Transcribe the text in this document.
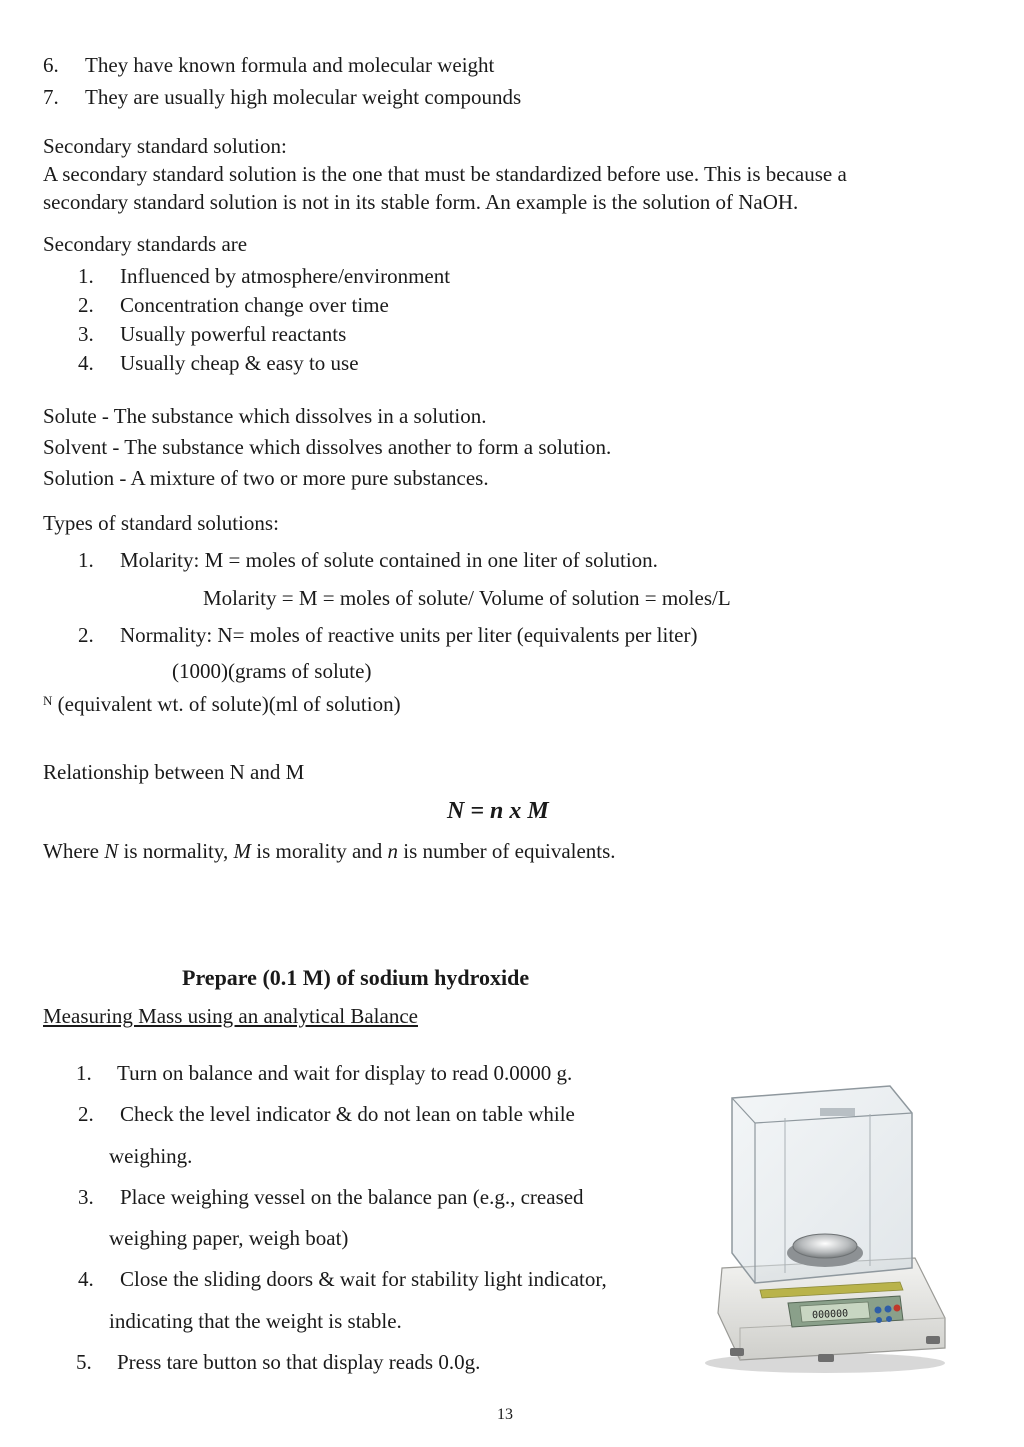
6. They have known formula and molecular weight
7. They are usually high molecular weight compounds
Secondary standard solution:
A secondary standard solution is the one that must be standardized before use. This is because a
secondary standard solution is not in its stable form. An example is the solution of NaOH.
Secondary standards are
1. Influenced by atmosphere/environment
2. Concentration change over time
3. Usually powerful reactants
4. Usually cheap & easy to use
Solute - The substance which dissolves in a solution.
Solvent - The substance which dissolves another to form a solution.
Solution - A mixture of two or more pure substances.
Types of standard solutions:
1. Molarity: M = moles of solute contained in one liter of solution.
Molarity = M = moles of solute/ Volume of solution = moles/L
2. Normality: N= moles of reactive units per liter (equivalents per liter)
(1000)(grams of solute)
$^N$ (equivalent wt. of solute)(ml of solution)
Relationship between N and M
N = n x M
Where N is normality, M is morality and n is number of equivalents.
Prepare (0.1 M) of sodium hydroxide
Measuring Mass using an analytical Balance
1. Turn on balance and wait for display to read 0.0000 g.
2. Check the level indicator & do not lean on table while
weighing.
3. Place weighing vessel on the balance pan (e.g., creased
weighing paper, weigh boat)
4. Close the sliding doors & wait for stability light indicator,
indicating that the weight is stable.
5. Press tare button so that display reads 0.0g.
000000
13
